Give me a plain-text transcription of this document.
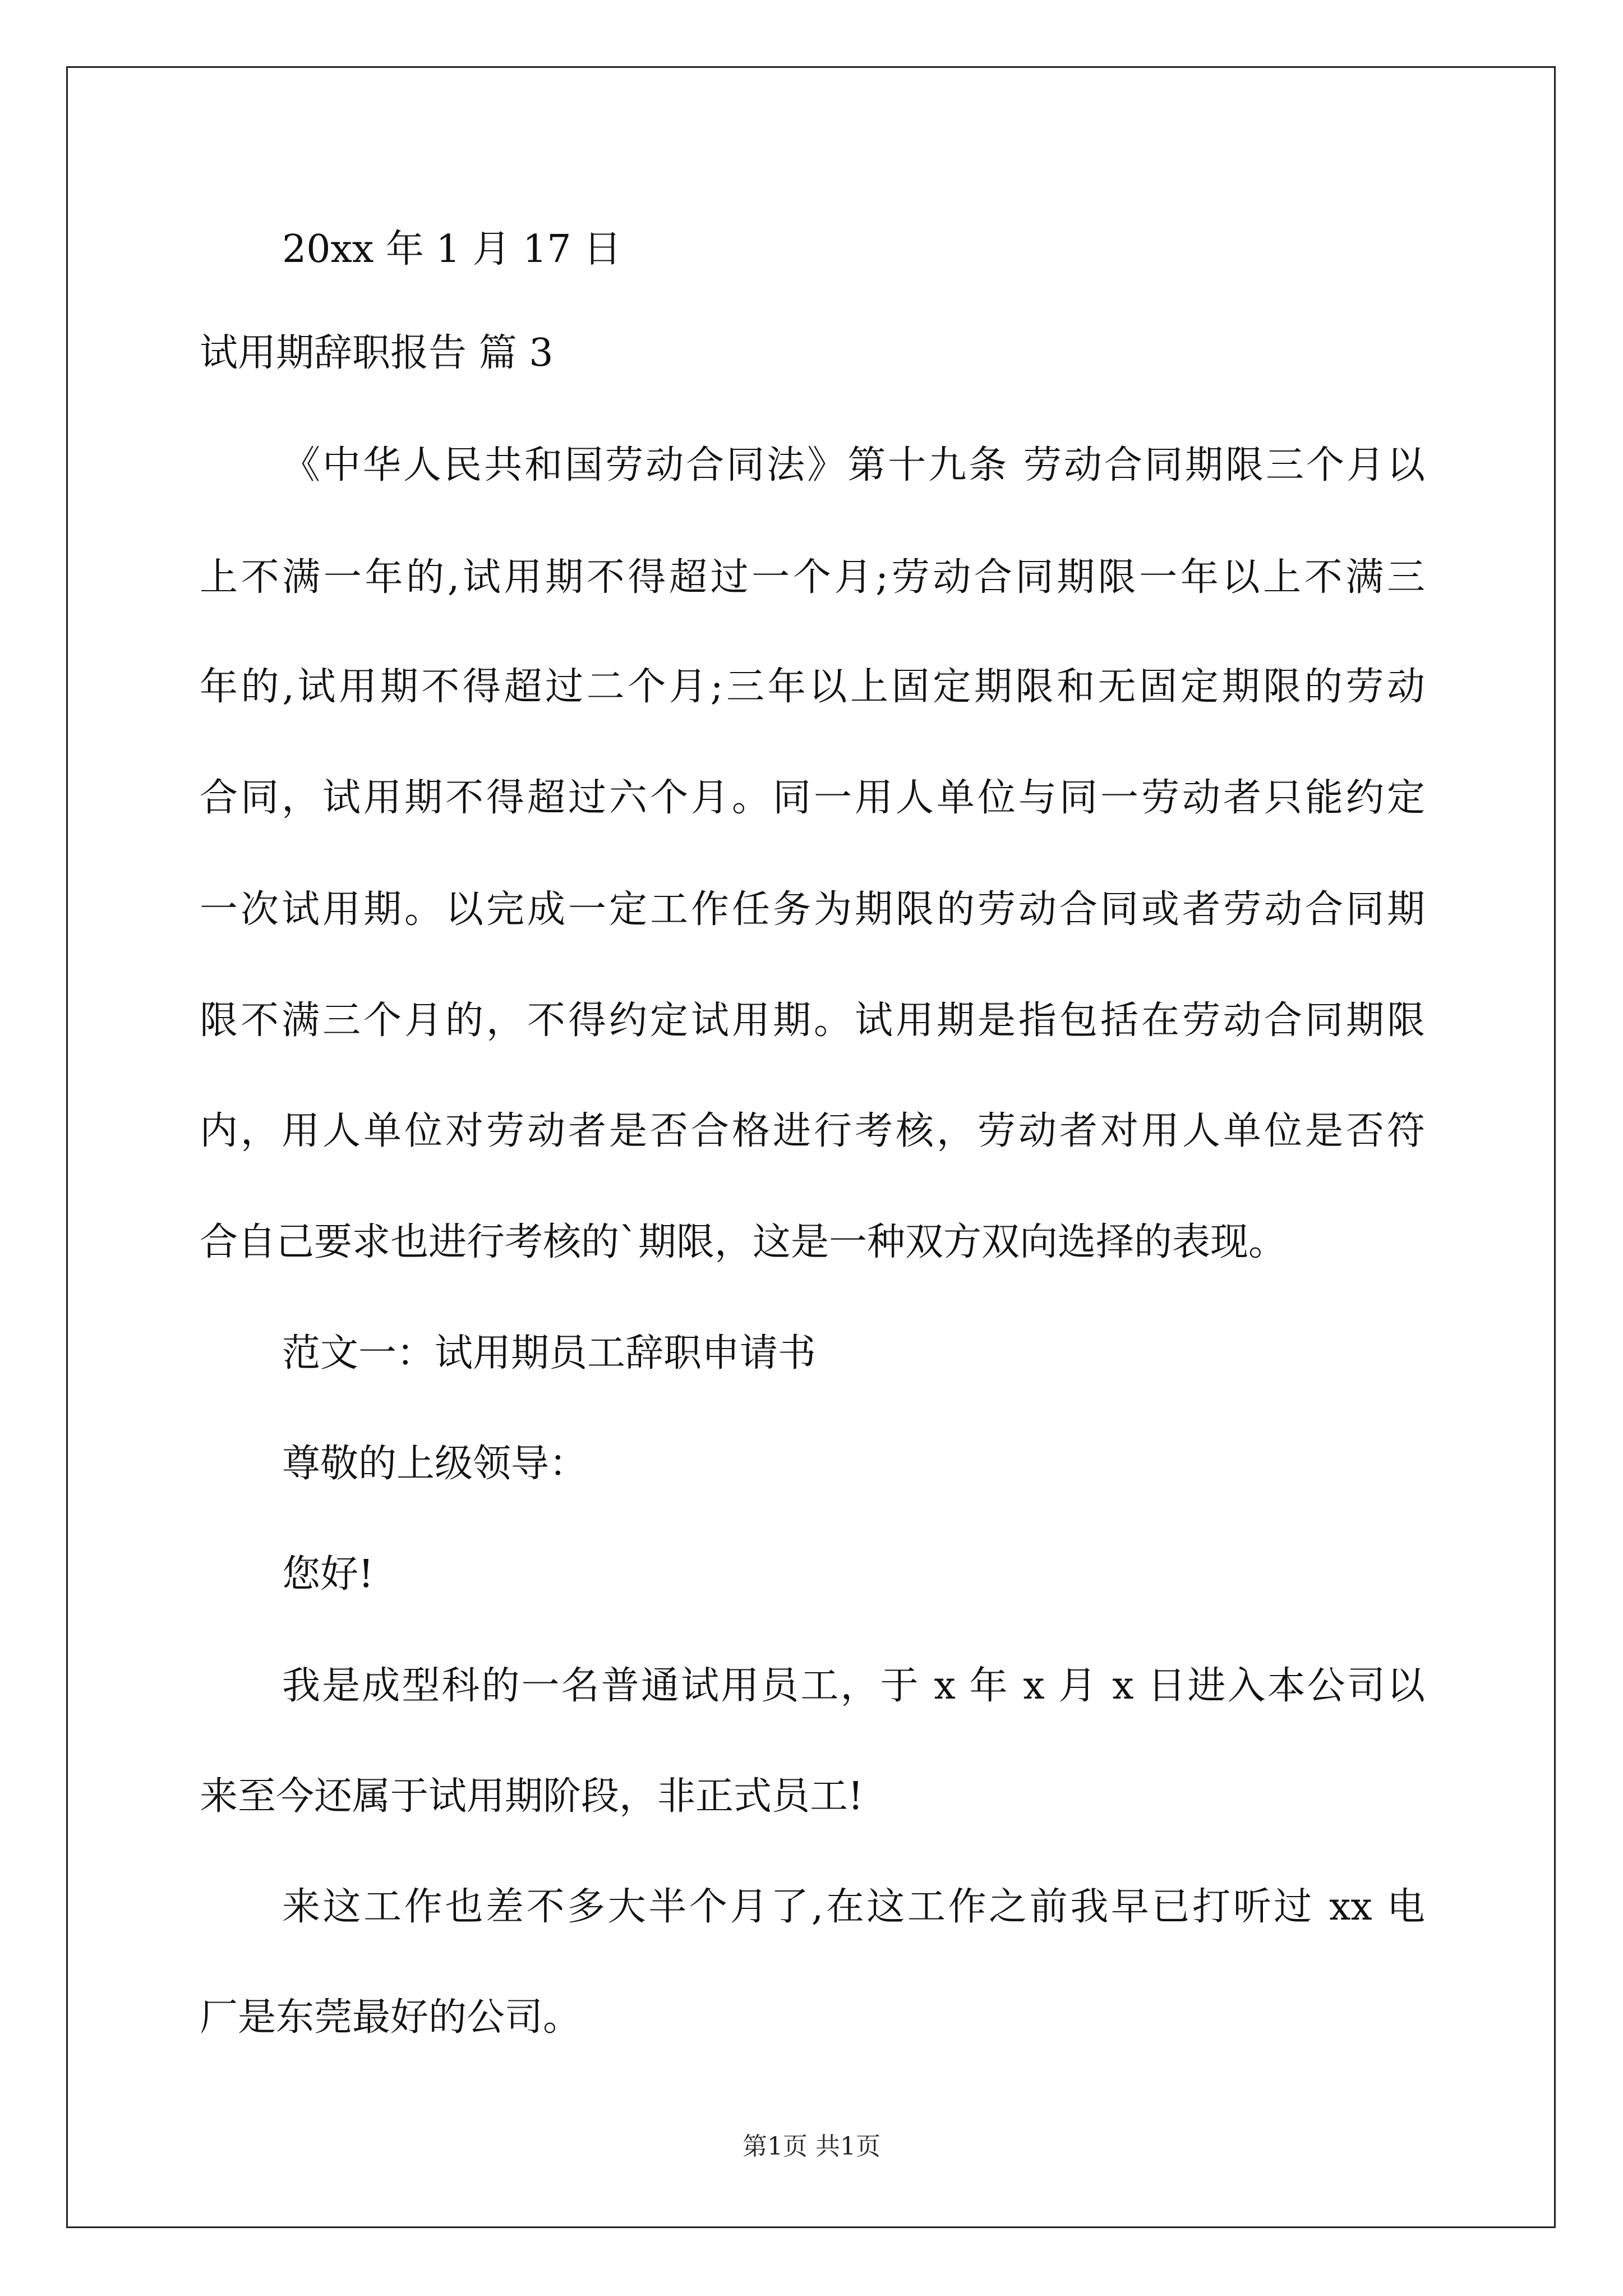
20xx 年 1 月 17 日
试用期辞职报告 篇 3
《中华人民共和国劳动合同法》第十九条 劳动合同期限三个月以
上不满一年的,试用期不得超过一个月;劳动合同期限一年以上不满三
年的,试用期不得超过二个月;三年以上固定期限和无固定期限的劳动
合同，试用期不得超过六个月。同一用人单位与同一劳动者只能约定
一次试用期。以完成一定工作任务为期限的劳动合同或者劳动合同期
限不满三个月的，不得约定试用期。试用期是指包括在劳动合同期限
内，用人单位对劳动者是否合格进行考核，劳动者对用人单位是否符
合自己要求也进行考核的`期限，这是一种双方双向选择的表现。
范文一：试用期员工辞职申请书
尊敬的上级领导：
您好!
我是成型科的一名普通试用员工，于 x 年 x 月 x 日进入本公司以
来至今还属于试用期阶段，非正式员工!
来这工作也差不多大半个月了,在这工作之前我早已打听过 xx 电
厂是东莞最好的公司。
第1页 共1页
